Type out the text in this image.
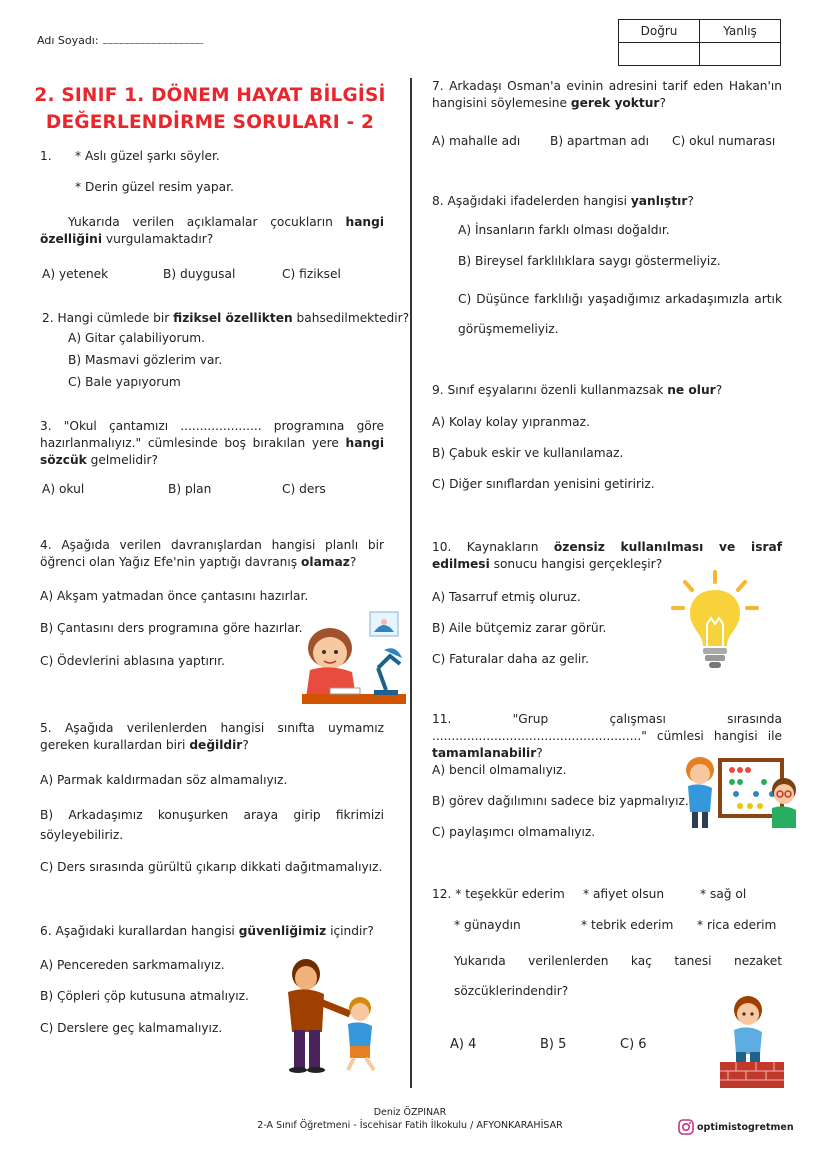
Adı Soyadı: ..................................................................................
Doğru	Yanlış

2. SINIF 1. DÖNEM HAYAT BİLGİSİ
DEĞERLENDİRME SORULARI - 2
1. * Aslı güzel şarkı söyler.
* Derin güzel resim yapar.
Yukarıda verilen açıklamalar çocukların hangi özelliğini vurgulamaktadır?
A) yetenek	B) duygusal	C) fiziksel
2. Hangi cümlede bir fiziksel özellikten bahsedilmektedir?
A) Gitar çalabiliyorum.
B) Masmavi gözlerim var.
C) Bale yapıyorum
3. "Okul çantamızı ..................... programına göre hazırlanmalıyız." cümlesinde boş bırakılan yere hangi sözcük gelmelidir?
A) okul	B) plan	C) ders
4. Aşağıda verilen davranışlardan hangisi planlı bir öğrenci olan Yağız Efe'nin yaptığı davranış olamaz?
A) Akşam yatmadan önce çantasını hazırlar.
B) Çantasını ders programına göre hazırlar.
C) Ödevlerini ablasına yaptırır.
5. Aşağıda verilenlerden hangisi sınıfta uymamız gereken kurallardan biri değildir?
A) Parmak kaldırmadan söz almamalıyız.
B) Arkadaşımız konuşurken araya girip fikrimizi söyleyebiliriz.
C) Ders sırasında gürültü çıkarıp dikkati dağıtmamalıyız.
6. Aşağıdaki kurallardan hangisi güvenliğimiz içindir?
A) Pencereden sarkmamalıyız.
B) Çöpleri çöp kutusuna atmalıyız.
C) Derslere geç kalmamalıyız.
7. Arkadaşı Osman'a evinin adresini tarif eden Hakan'ın hangisini söylemesine gerek yoktur?
A) mahalle adı B) apartman adı C) okul numarası
8. Aşağıdaki ifadelerden hangisi yanlıştır?
A) İnsanların farklı olması doğaldır.
B) Bireysel farklılıklara saygı göstermeliyiz.
C) Düşünce farklılığı yaşadığımız arkadaşımızla artık görüşmemeliyiz.
9. Sınıf eşyalarını özenli kullanmazsak ne olur?
A) Kolay kolay yıpranmaz.
B) Çabuk eskir ve kullanılamaz.
C) Diğer sınıflardan yenisini getiririz.
10. Kaynakların özensiz kullanılması ve israf edilmesi sonucu hangisi gerçekleşir?
A) Tasarruf etmiş oluruz.
B) Aile bütçemiz zarar görür.
C) Faturalar daha az gelir.
11. "Grup çalışması sırasında ......................................................" cümlesi hangisi ile tamamlanabilir?
A) bencil olmamalıyız.
B) görev dağılımını sadece biz yapmalıyız.
C) paylaşımcı olmamalıyız.
12. * teşekkür ederim * afiyet olsun	* sağ ol
* günaydın	* tebrik ederim * rica ederim
Yukarıda verilenlerden kaç tanesi nezaket sözcüklerindendir?
A) 4	B) 5	C) 6
Deniz ÖZPINAR
2-A Sınıf Öğretmeni - İscehisar Fatih İlkokulu / AFYONKARAHİSAR	optimistogretmen
